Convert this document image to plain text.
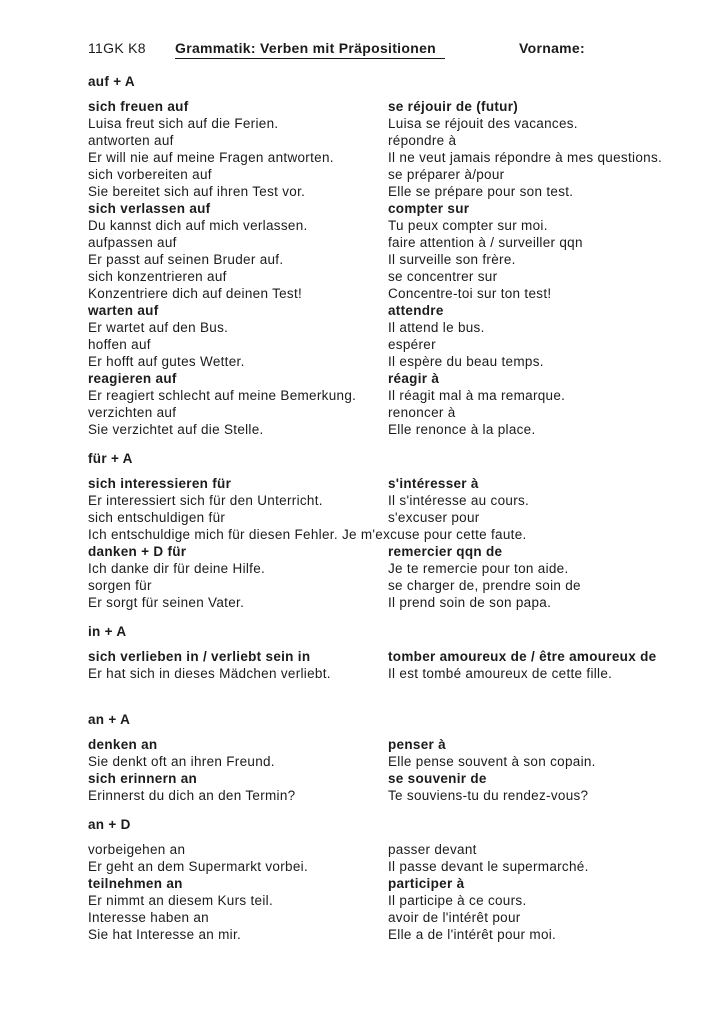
11GK K8	Grammatik: Verben mit Präpositionen	Vorname:
auf + A
sich freuen auf	se réjouir de (futur)
Luisa freut sich auf die Ferien.	Luisa se réjouit des vacances.
antworten auf	répondre à
Er will nie auf meine Fragen antworten.	Il ne veut jamais répondre à mes questions.
sich vorbereiten auf	se préparer à/pour
Sie bereitet sich auf ihren Test vor.	Elle se prépare pour son test.
sich verlassen auf	compter sur
Du kannst dich auf mich verlassen.	Tu peux compter sur moi.
aufpassen auf	faire attention à / surveiller qqn
Er passt auf seinen Bruder auf.	Il surveille son frère.
sich konzentrieren auf	se concentrer sur
Konzentriere dich auf deinen Test!	Concentre-toi sur ton test!
warten auf	attendre
Er wartet auf den Bus.	Il attend le bus.
hoffen auf	espérer
Er hofft auf gutes Wetter.	Il espère du beau temps.
reagieren auf	réagir à
Er reagiert schlecht auf meine Bemerkung.	Il réagit mal à ma remarque.
verzichten auf	renoncer à
Sie verzichtet auf die Stelle.	Elle renonce à la place.
für + A
sich interessieren für	s'intéresser à
Er interessiert sich für den Unterricht.	Il s'intéresse au cours.
sich entschuldigen für	s'excuser pour
Ich entschuldige mich für diesen Fehler. Je m'excuse pour cette faute.
danken + D für	remercier qqn de
Ich danke dir für deine Hilfe.	Je te remercie pour ton aide.
sorgen für	se charger de, prendre soin de
Er sorgt für seinen Vater.	Il prend soin de son papa.
in + A
sich verlieben in / verliebt sein in	tomber amoureux de / être amoureux de
Er hat sich in dieses Mädchen verliebt.	Il est tombé amoureux de cette fille.
an + A
denken an	penser à
Sie denkt oft an ihren Freund.	Elle pense souvent à son copain.
sich erinnern an	se souvenir de
Erinnerst du dich an den Termin?	Te souviens-tu du rendez-vous?
an + D
vorbeigehen an	passer devant
Er geht an dem Supermarkt vorbei.	Il passe devant le supermarché.
teilnehmen an	participer à
Er nimmt an diesem Kurs teil.	Il participe à ce cours.
Interesse haben an	avoir de l'intérêt pour
Sie hat Interesse an mir.	Elle a de l'intérêt pour moi.
